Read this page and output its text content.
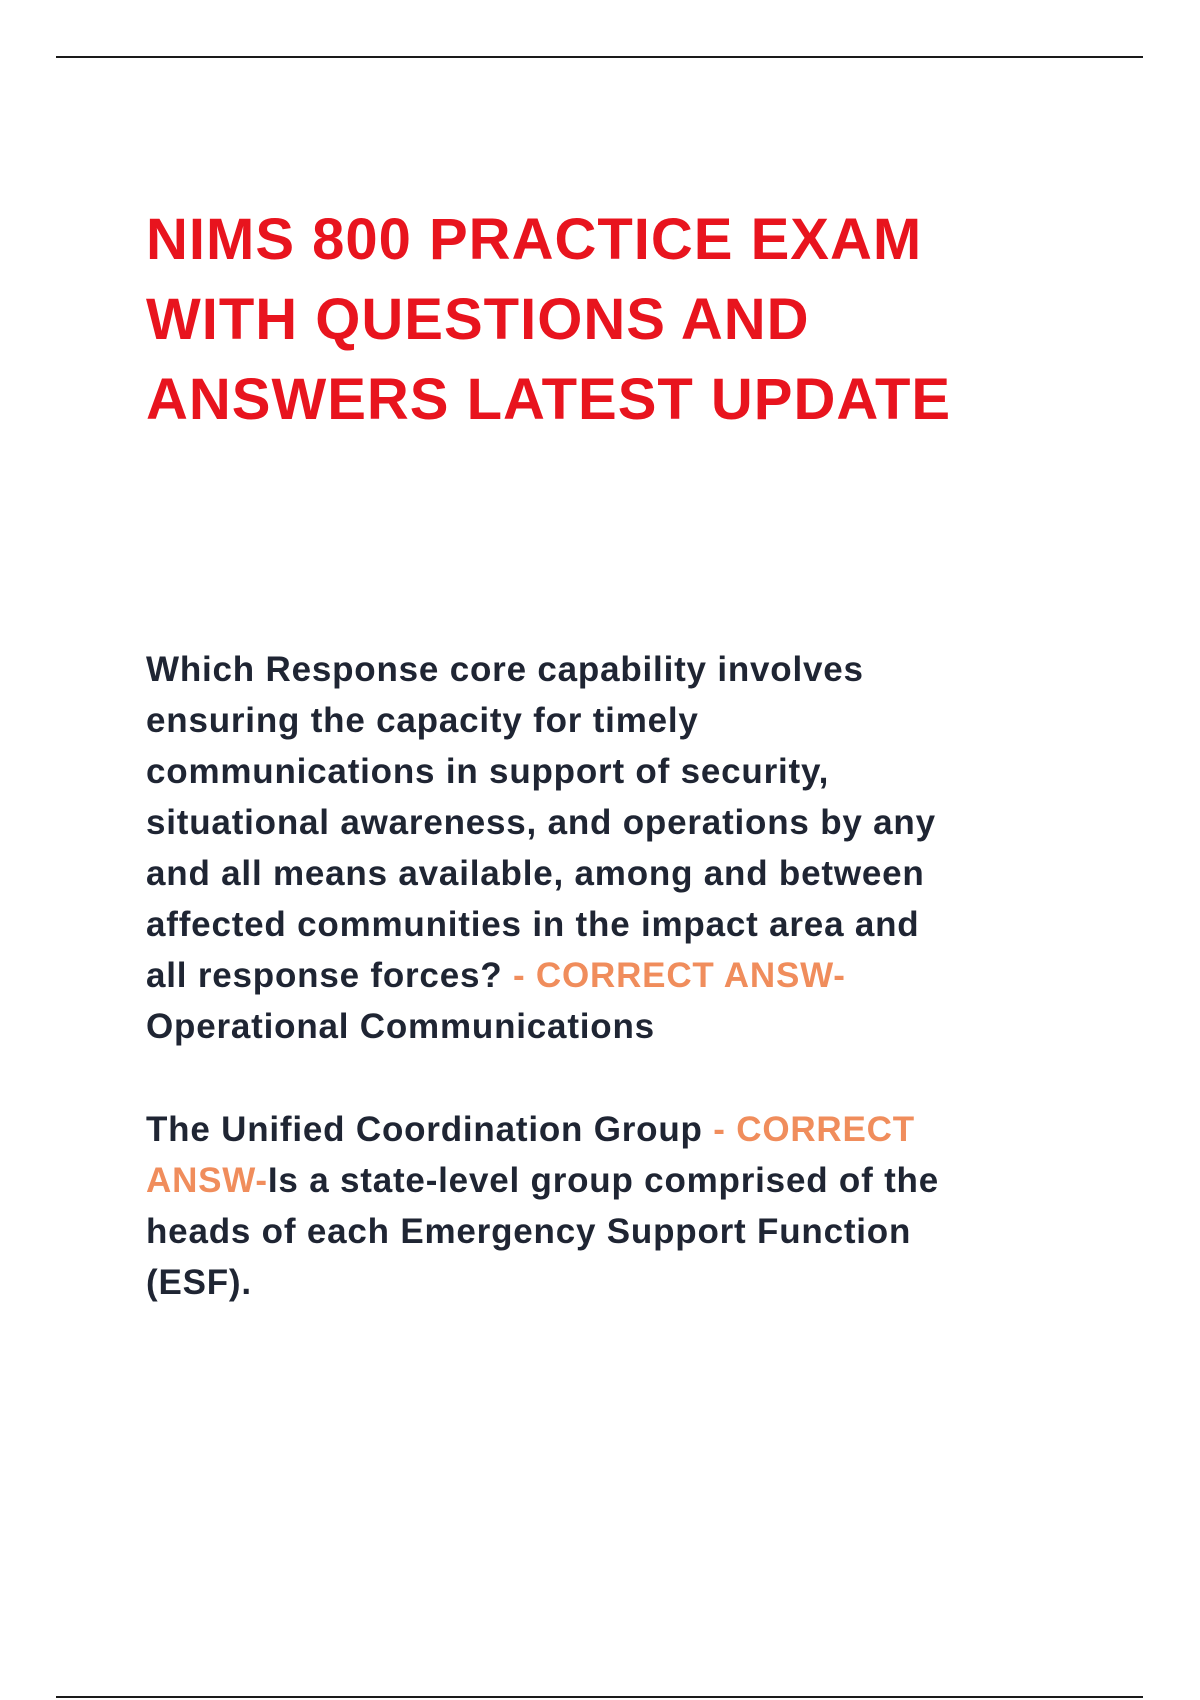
NIMS 800 PRACTICE EXAM
WITH QUESTIONS AND
ANSWERS LATEST UPDATE

Which Response core capability involves
ensuring the capacity for timely
communications in support of security,
situational awareness, and operations by any
and all means available, among and between
affected communities in the impact area and
all response forces? - CORRECT ANSW-
Operational Communications

The Unified Coordination Group - CORRECT
ANSW-Is a state-level group comprised of the
heads of each Emergency Support Function
(ESF).
